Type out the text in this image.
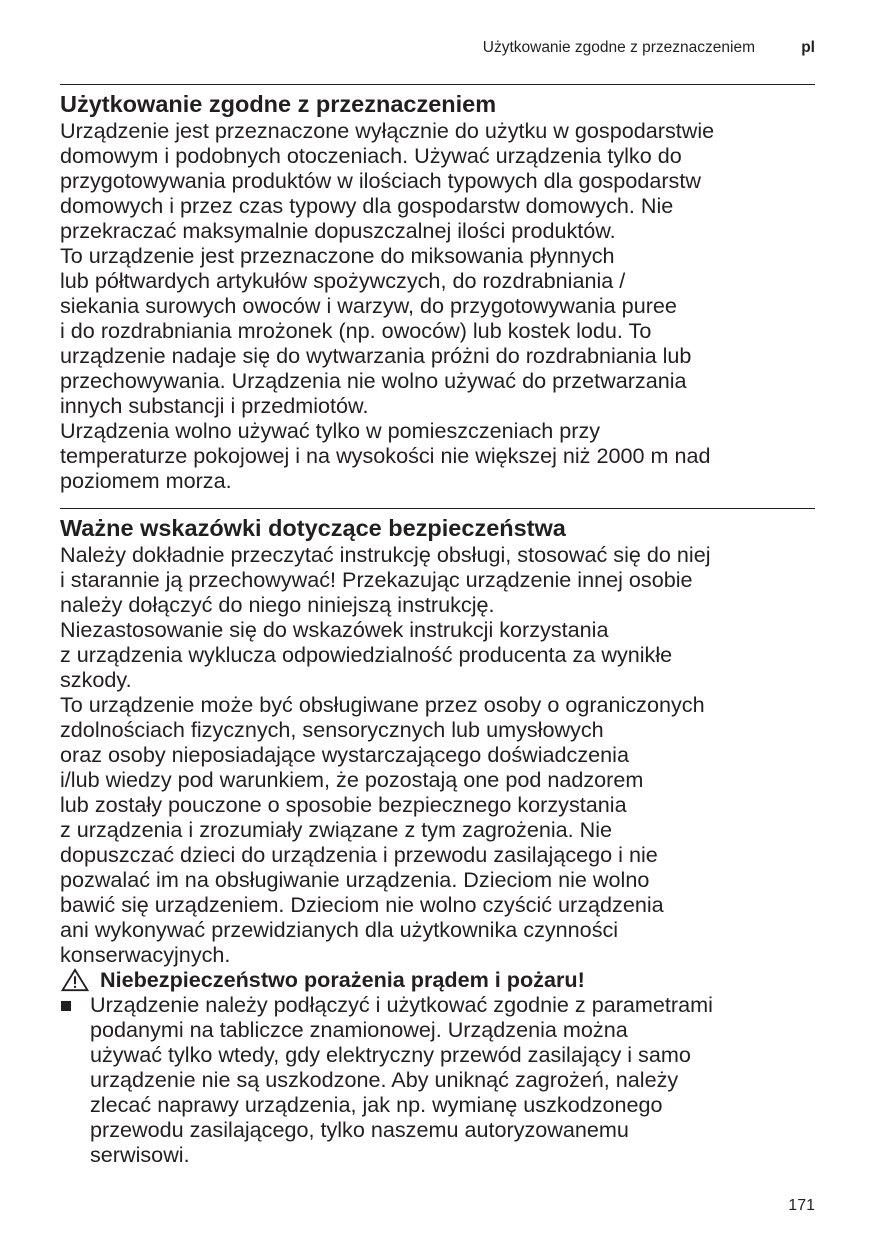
Użytkowanie zgodne z przeznaczeniem	pl
Użytkowanie zgodne z przeznaczeniem
Urządzenie jest przeznaczone wyłącznie do użytku w gospodarstwie
domowym i podobnych otoczeniach. Używać urządzenia tylko do
przygotowywania produktów w ilościach typowych dla gospodarstw
domowych i przez czas typowy dla gospodarstw domowych. Nie
przekraczać maksymalnie dopuszczalnej ilości produktów.
To urządzenie jest przeznaczone do miksowania płynnych
lub półtwardych artykułów spożywczych, do rozdrabniania /
siekania surowych owoców i warzyw, do przygotowywania puree
i do rozdrabniania mrożonek (np. owoców) lub kostek lodu. To
urządzenie nadaje się do wytwarzania próżni do rozdrabniania lub
przechowywania. Urządzenia nie wolno używać do przetwarzania
innych substancji i przedmiotów.
Urządzenia wolno używać tylko w pomieszczeniach przy
temperaturze pokojowej i na wysokości nie większej niż 2000 m nad
poziomem morza.
Ważne wskazówki dotyczące bezpieczeństwa
Należy dokładnie przeczytać instrukcję obsługi, stosować się do niej
i starannie ją przechowywać! Przekazując urządzenie innej osobie
należy dołączyć do niego niniejszą instrukcję.
Niezastosowanie się do wskazówek instrukcji korzystania
z urządzenia wyklucza odpowiedzialność producenta za wynikłe
szkody.
To urządzenie może być obsługiwane przez osoby o ograniczonych
zdolnościach fizycznych, sensorycznych lub umysłowych
oraz osoby nieposiadające wystarczającego doświadczenia
i/lub wiedzy pod warunkiem, że pozostają one pod nadzorem
lub zostały pouczone o sposobie bezpiecznego korzystania
z urządzenia i zrozumiały związane z tym zagrożenia. Nie
dopuszczać dzieci do urządzenia i przewodu zasilającego i nie
pozwalać im na obsługiwanie urządzenia. Dzieciom nie wolno
bawić się urządzeniem. Dzieciom nie wolno czyścić urządzenia
ani wykonywać przewidzianych dla użytkownika czynności
konserwacyjnych.
Niebezpieczeństwo porażenia prądem i pożaru!
Urządzenie należy podłączyć i użytkować zgodnie z parametrami
podanymi na tabliczce znamionowej. Urządzenia można
używać tylko wtedy, gdy elektryczny przewód zasilający i samo
urządzenie nie są uszkodzone. Aby uniknąć zagrożeń, należy
zlecać naprawy urządzenia, jak np. wymianę uszkodzonego
przewodu zasilającego, tylko naszemu autoryzowanemu
serwisowi.
171
